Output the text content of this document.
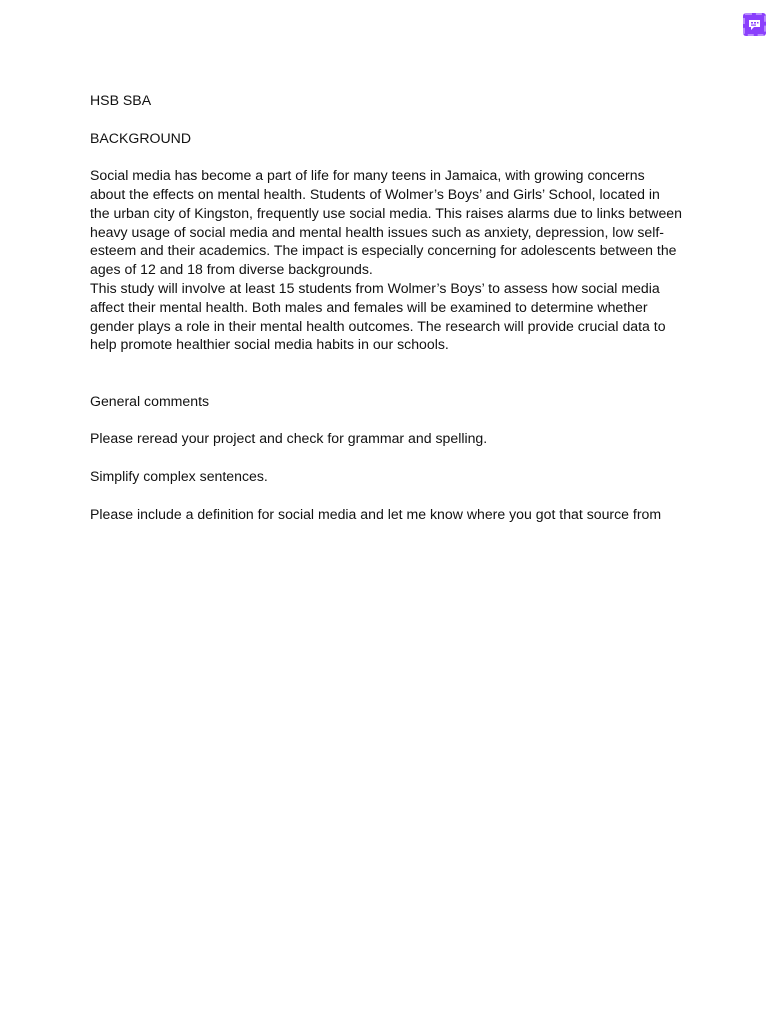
HSB SBA

BACKGROUND

Social media has become a part of life for many teens in Jamaica, with growing concerns about the effects on mental health. Students of Wolmer’s Boys’ and Girls’ School, located in the urban city of Kingston, frequently use social media. This raises alarms due to links between heavy usage of social media and mental health issues such as anxiety, depression, low self-esteem and their academics. The impact is especially concerning for adolescents between the ages of 12 and 18 from diverse backgrounds.

This study will involve at least 15 students from Wolmer’s Boys’ to assess how social media affect their mental health. Both males and females will be examined to determine whether gender plays a role in their mental health outcomes. The research will provide crucial data to help promote healthier social media habits in our schools.

General comments

Please reread your project and check for grammar and spelling.

Simplify complex sentences.

Please include a definition for social media and let me know where you got that source from
